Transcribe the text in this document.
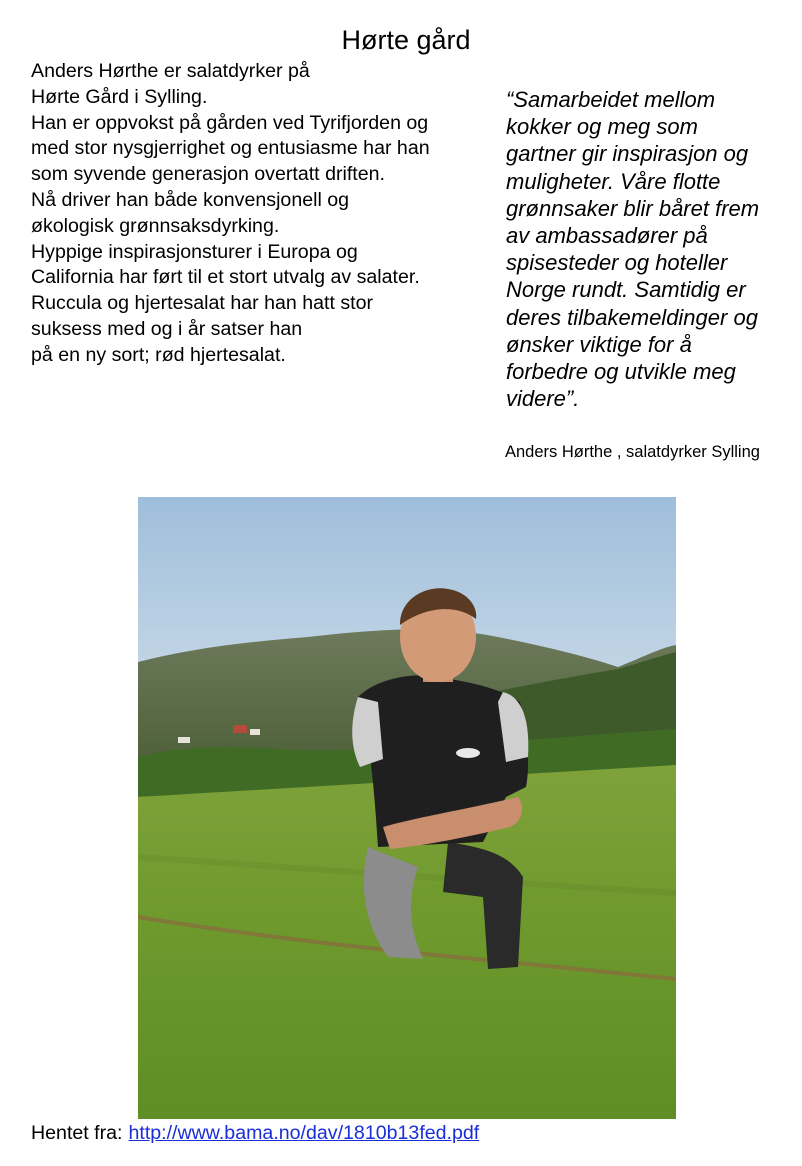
Hørte gård
Anders Hørthe er salatdyrker på
Hørte Gård i Sylling.
Han er oppvokst på gården ved Tyrifjorden og
med stor nysgjerrighet og entusiasme har han
som syvende generasjon overtatt driften.
Nå driver han både konvensjonell og
økologisk grønnsaksdyrking.
Hyppige inspirasjonsturer i Europa og
California har ført til et stort utvalg av salater.
Ruccula og hjertesalat har han hatt stor
suksess med og i år satser han
på en ny sort; rød hjertesalat.
“Samarbeidet mellom
kokker og meg som
gartner gir inspirasjon og
muligheter. Våre flotte
grønnsaker blir båret frem
av ambassadører på
spisesteder og hoteller
Norge rundt. Samtidig er
deres tilbakemeldinger og
ønsker viktige for å
forbedre og utvikle meg
videre”.
Anders Hørthe , salatdyrker Sylling
Hentet fra: http://www.bama.no/dav/1810b13fed.pdf
